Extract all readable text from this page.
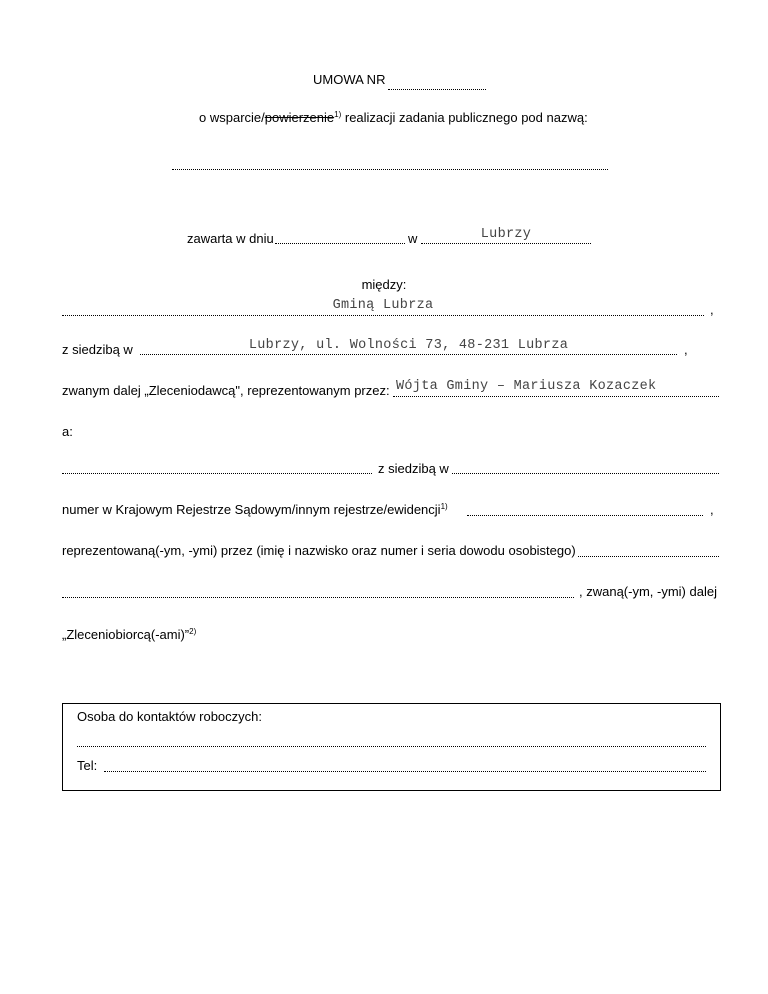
UMOWA NR
o wsparcie/powierzenie$^{1)}$ realizacji zadania publicznego pod nazwą:
zawarta w dniu	w	Lubrzy
między:
Gminą Lubrza	,
z siedzibą w	Lubrzy, ul. Wolności 73, 48-231 Lubrza	,
zwanym dalej „Zleceniodawcą", reprezentowanym przez: Wójta Gminy – Mariusza Kozaczek
a:
z siedzibą w
numer w Krajowym Rejestrze Sądowym/innym rejestrze/ewidencji$^{1)}$	,
reprezentowaną(-ym, -ymi) przez (imię i nazwisko oraz numer i seria dowodu osobistego)
, zwaną(-ym, -ymi) dalej
„Zleceniobiorcą(-ami)”$^{2)}$
Osoba do kontaktów roboczych:
Tel:
